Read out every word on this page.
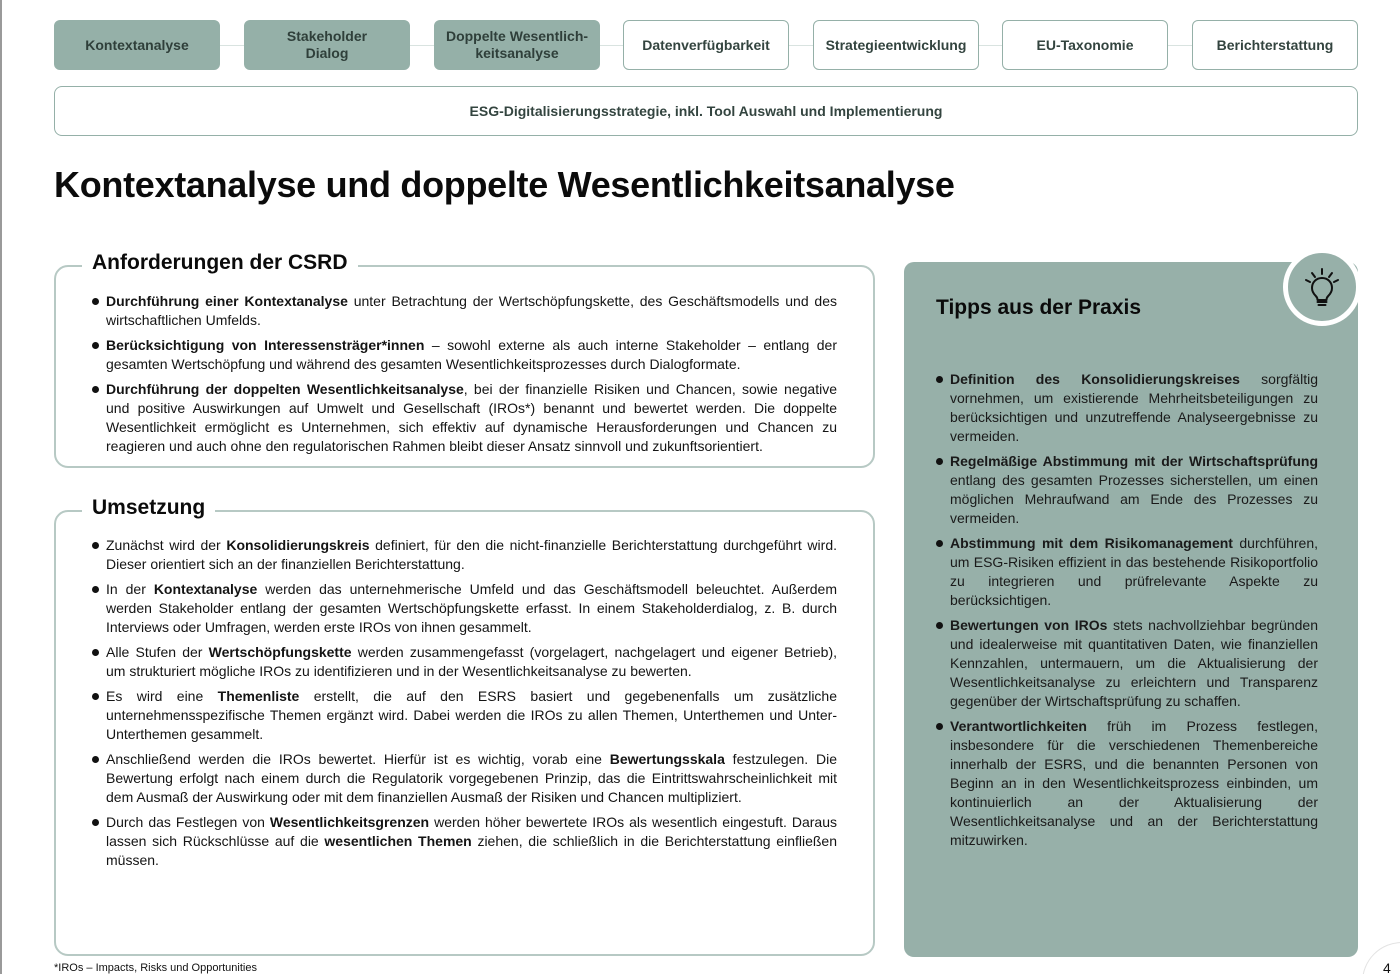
Kontextanalyse
Stakeholder
Dialog
Doppelte Wesentlich-
keitsanalyse
Datenverfügbarkeit	Strategieentwicklung	EU-Taxonomie	Berichterstattung
ESG-Digitalisierungsstrategie, inkl. Tool Auswahl und Implementierung
Kontextanalyse und doppelte Wesentlichkeitsanalyse
Anforderungen der CSRD
Durchführung einer Kontextanalyse unter Betrachtung der Wertschöpfungskette, des Geschäftsmodells und des wirtschaftlichen Umfelds.
Berücksichtigung von Interessensträger*innen – sowohl externe als auch interne Stakeholder – entlang der gesamten Wertschöpfung und während des gesamten Wesentlichkeitsprozesses durch Dialogformate.
Durchführung der doppelten Wesentlichkeitsanalyse, bei der finanzielle Risiken und Chancen, sowie negative und positive Auswirkungen auf Umwelt und Gesellschaft (IROs*) benannt und bewertet werden. Die doppelte Wesentlichkeit ermöglicht es Unternehmen, sich effektiv auf dynamische Herausforderungen und Chancen zu reagieren und auch ohne den regulatorischen Rahmen bleibt dieser Ansatz sinnvoll und zukunftsorientiert.
Umsetzung
Zunächst wird der Konsolidierungskreis definiert, für den die nicht-finanzielle Berichterstattung durchgeführt wird. Dieser orientiert sich an der finanziellen Berichterstattung.
In der Kontextanalyse werden das unternehmerische Umfeld und das Geschäftsmodell beleuchtet. Außerdem werden Stakeholder entlang der gesamten Wertschöpfungskette erfasst. In einem Stakeholderdialog, z. B. durch Interviews oder Umfragen, werden erste IROs von ihnen gesammelt.
Alle Stufen der Wertschöpfungskette werden zusammengefasst (vorgelagert, nachgelagert und eigener Betrieb), um strukturiert mögliche IROs zu identifizieren und in der Wesentlichkeitsanalyse zu bewerten.
Es wird eine Themenliste erstellt, die auf den ESRS basiert und gegebenenfalls um zusätzliche unternehmensspezifische Themen ergänzt wird. Dabei werden die IROs zu allen Themen, Unterthemen und Unter-Unterthemen gesammelt.
Anschließend werden die IROs bewertet. Hierfür ist es wichtig, vorab eine Bewertungsskala festzulegen. Die Bewertung erfolgt nach einem durch die Regulatorik vorgegebenen Prinzip, das die Eintrittswahrscheinlichkeit mit dem Ausmaß der Auswirkung oder mit dem finanziellen Ausmaß der Risiken und Chancen multipliziert.
Durch das Festlegen von Wesentlichkeitsgrenzen werden höher bewertete IROs als wesentlich eingestuft. Daraus lassen sich Rückschlüsse auf die wesentlichen Themen ziehen, die schließlich in die Berichterstattung einfließen müssen.
Tipps aus der Praxis
Definition des Konsolidierungskreises sorgfältig vornehmen, um existierende Mehrheitsbeteiligungen zu berücksichtigen und unzutreffende Analyseergebnisse zu vermeiden.
Regelmäßige Abstimmung mit der Wirtschaftsprüfung entlang des gesamten Prozesses sicherstellen, um einen möglichen Mehraufwand am Ende des Prozesses zu vermeiden.
Abstimmung mit dem Risikomanagement durchführen, um ESG-Risiken effizient in das bestehende Risikoportfolio zu integrieren und prüfrelevante Aspekte zu berücksichtigen.
Bewertungen von IROs stets nachvollziehbar begründen und idealerweise mit quantitativen Daten, wie finanziellen Kennzahlen, untermauern, um die Aktualisierung der Wesentlichkeitsanalyse zu erleichtern und Transparenz gegenüber der Wirtschaftsprüfung zu schaffen.
Verantwortlichkeiten früh im Prozess festlegen, insbesondere für die verschiedenen Themenbereiche innerhalb der ESRS, und die benannten Personen von Beginn an in den Wesentlichkeitsprozess einbinden, um kontinuierlich an der Aktualisierung der Wesentlichkeitsanalyse und an der Berichterstattung mitzuwirken.
*IROs – Impacts, Risks und Opportunities	4
